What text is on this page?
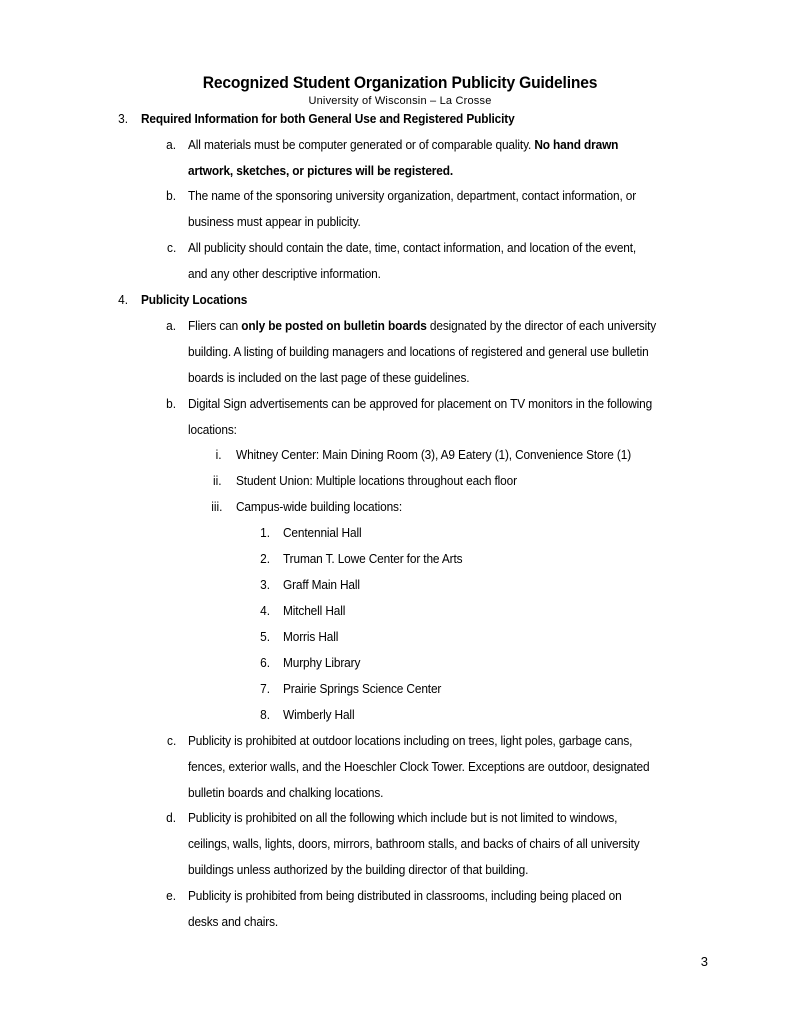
Recognized Student Organization Publicity Guidelines
University of Wisconsin – La Crosse
3. Required Information for both General Use and Registered Publicity
a. All materials must be computer generated or of comparable quality. No hand drawn
artwork, sketches, or pictures will be registered.
b. The name of the sponsoring university organization, department, contact information, or
business must appear in publicity.
c. All publicity should contain the date, time, contact information, and location of the event,
and any other descriptive information.
4. Publicity Locations
a. Fliers can only be posted on bulletin boards designated by the director of each university
building. A listing of building managers and locations of registered and general use bulletin
boards is included on the last page of these guidelines.
b. Digital Sign advertisements can be approved for placement on TV monitors in the following
locations:
i. Whitney Center: Main Dining Room (3), A9 Eatery (1), Convenience Store (1)
ii. Student Union: Multiple locations throughout each floor
iii. Campus-wide building locations:
1. Centennial Hall
2. Truman T. Lowe Center for the Arts
3. Graff Main Hall
4. Mitchell Hall
5. Morris Hall
6. Murphy Library
7. Prairie Springs Science Center
8. Wimberly Hall
c. Publicity is prohibited at outdoor locations including on trees, light poles, garbage cans,
fences, exterior walls, and the Hoeschler Clock Tower. Exceptions are outdoor, designated
bulletin boards and chalking locations.
d. Publicity is prohibited on all the following which include but is not limited to windows,
ceilings, walls, lights, doors, mirrors, bathroom stalls, and backs of chairs of all university
buildings unless authorized by the building director of that building.
e. Publicity is prohibited from being distributed in classrooms, including being placed on
desks and chairs.
3
